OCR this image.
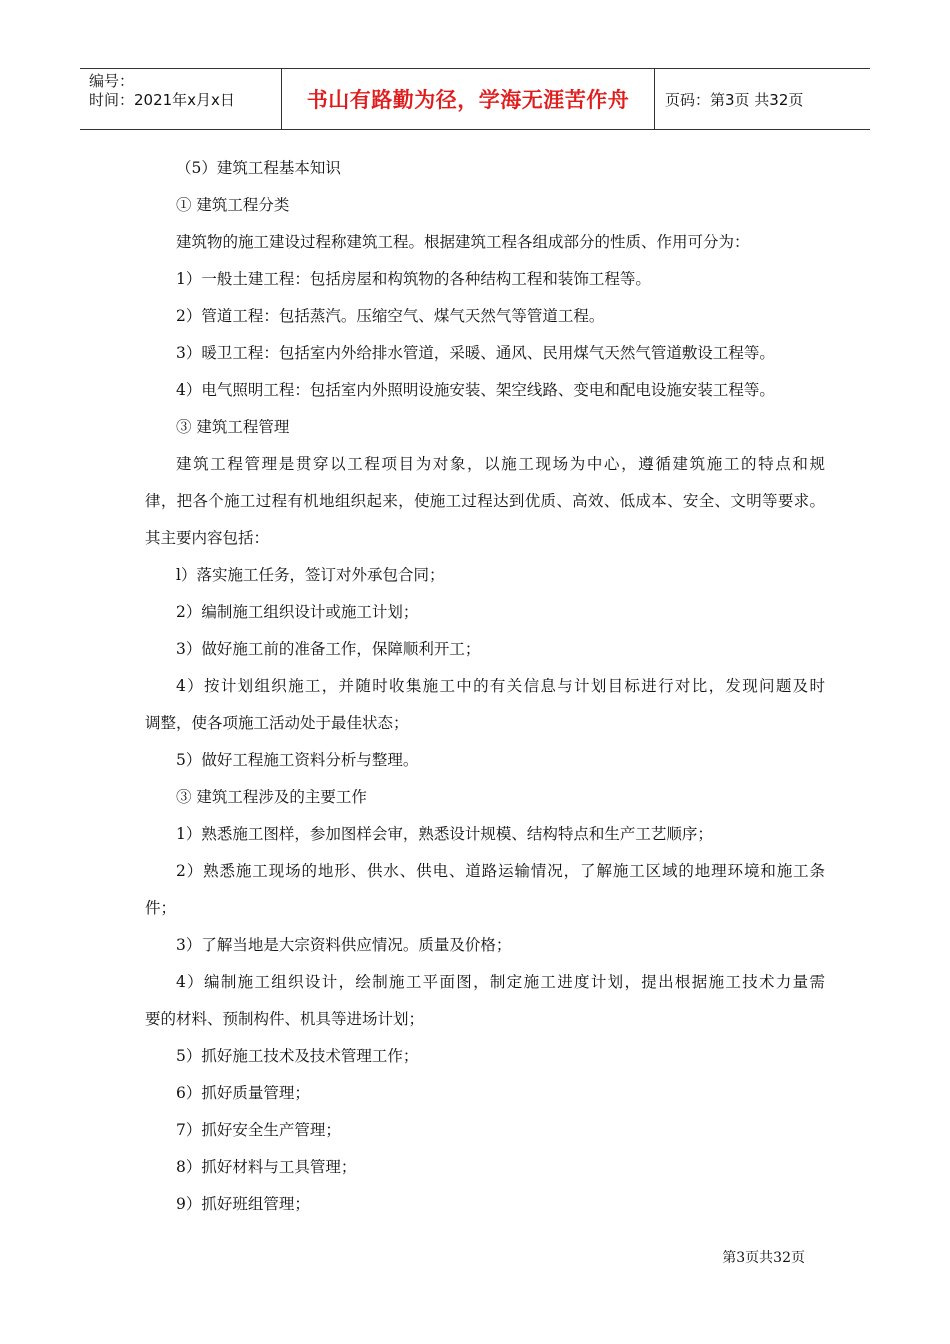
编号：
时间：2021年x月x日	书山有路勤为径，学海无涯苦作舟 页码：第3页 共32页

（5）建筑工程基本知识

① 建筑工程分类

建筑物的施工建设过程称建筑工程。根据建筑工程各组成部分的性质、作用可分为：

1）一般土建工程：包括房屋和构筑物的各种结构工程和装饰工程等。

2）管道工程：包括蒸汽。压缩空气、煤气天然气等管道工程。

3）暖卫工程：包括室内外给排水管道，采暖、通风、民用煤气天然气管道敷设工程等。

4）电气照明工程：包括室内外照明设施安装、架空线路、变电和配电设施安装工程等。

③ 建筑工程管理

建筑工程管理是贯穿以工程项目为对象，以施工现场为中心，遵循建筑施工的特点和规

律，把各个施工过程有机地组织起来，使施工过程达到优质、高效、低成本、安全、文明等要求。

其主要内容包括：

l）落实施工任务，签订对外承包合同；

2）编制施工组织设计或施工计划；

3）做好施工前的准备工作，保障顺利开工；

4）按计划组织施工，并随时收集施工中的有关信息与计划目标进行对比，发现问题及时

调整，使各项施工活动处于最佳状态；

5）做好工程施工资料分析与整理。

③ 建筑工程涉及的主要工作

1）熟悉施工图样，参加图样会审，熟悉设计规模、结构特点和生产工艺顺序；

2）熟悉施工现场的地形、供水、供电、道路运输情况，了解施工区域的地理环境和施工条

件；

3）了解当地是大宗资料供应情况。质量及价格；

4）编制施工组织设计，绘制施工平面图，制定施工进度计划，提出根据施工技术力量需

要的材料、预制构件、机具等进场计划；

5）抓好施工技术及技术管理工作；

6）抓好质量管理；

7）抓好安全生产管理；

8）抓好材料与工具管理；

9）抓好班组管理；

第3页共32页
